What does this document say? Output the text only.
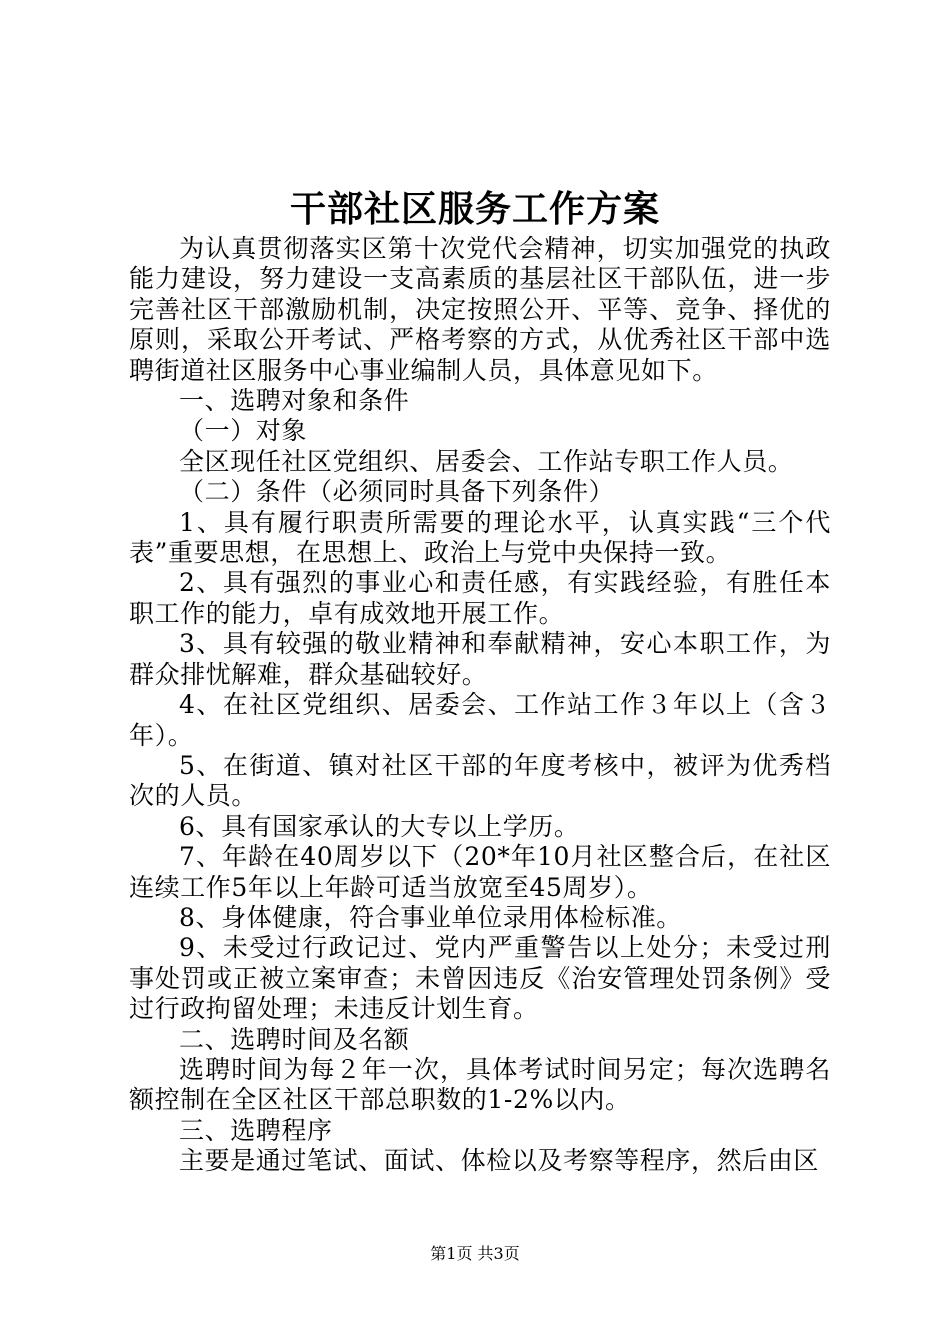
干部社区服务工作方案

为认真贯彻落实区第十次党代会精神，切实加强党的执政能力建设，努力建设一支高素质的基层社区干部队伍，进一步完善社区干部激励机制，决定按照公开、平等、竞争、择优的原则，采取公开考试、严格考察的方式，从优秀社区干部中选聘街道社区服务中心事业编制人员，具体意见如下。

一、选聘对象和条件

（一）对象

全区现任社区党组织、居委会、工作站专职工作人员。

（二）条件（必须同时具备下列条件）

1、具有履行职责所需要的理论水平，认真实践“三个代表”重要思想，在思想上、政治上与党中央保持一致。

2、具有强烈的事业心和责任感，有实践经验，有胜任本职工作的能力，卓有成效地开展工作。

3、具有较强的敬业精神和奉献精神，安心本职工作，为群众排忧解难，群众基础较好。

4、在社区党组织、居委会、工作站工作３年以上（含３年）。

5、在街道、镇对社区干部的年度考核中，被评为优秀档次的人员。

6、具有国家承认的大专以上学历。

7、年龄在40周岁以下（20*年10月社区整合后，在社区连续工作5年以上年龄可适当放宽至45周岁）。

8、身体健康，符合事业单位录用体检标准。

9、未受过行政记过、党内严重警告以上处分；未受过刑事处罚或正被立案审查；未曾因违反《治安管理处罚条例》受过行政拘留处理；未违反计划生育。

二、选聘时间及名额

选聘时间为每２年一次，具体考试时间另定；每次选聘名额控制在全区社区干部总职数的1-2%以内。

三、选聘程序

主要是通过笔试、面试、体检以及考察等程序，然后由区

第1页 共3页
